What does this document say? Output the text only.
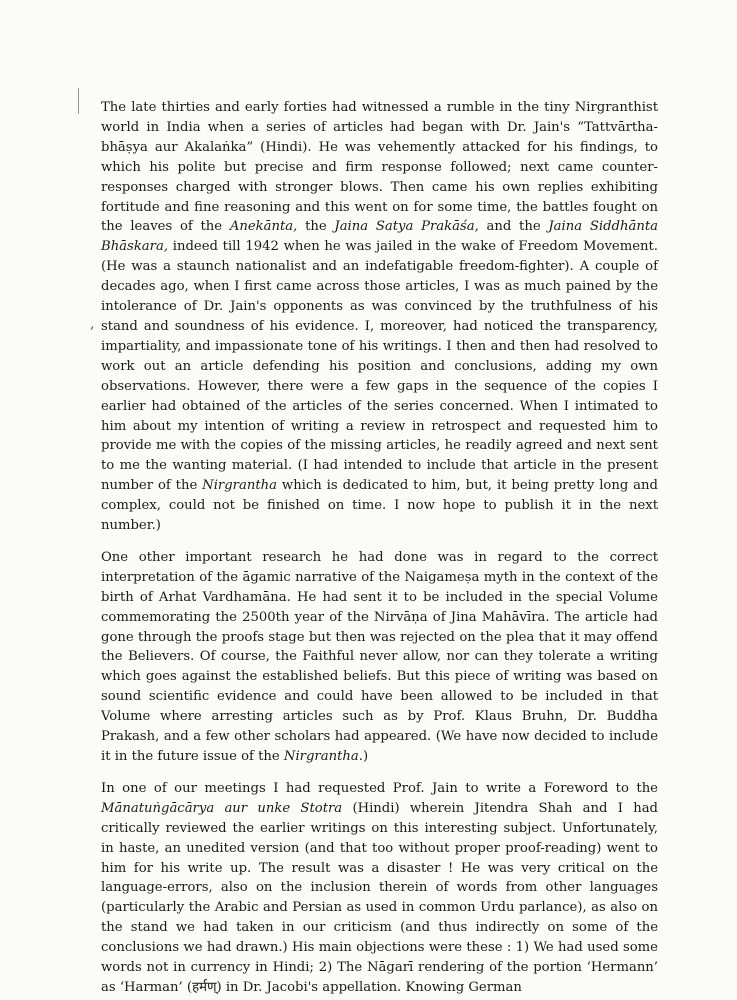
,

The late thirties and early forties had witnessed a rumble in the tiny Nirgranthist world in India when a series of articles had began with Dr. Jain's “Tattvārtha-bhāṣya aur Akalaṅka” (Hindi). He was vehemently attacked for his findings, to which his polite but precise and firm response followed; next came counter-responses charged with stronger blows. Then came his own replies exhibiting fortitude and fine reasoning and this went on for some time, the battles fought on the leaves of the Anekānta, the Jaina Satya Prakāśa, and the Jaina Siddhānta Bhāskara, indeed till 1942 when he was jailed in the wake of Freedom Movement. (He was a staunch nationalist and an indefatigable freedom-fighter). A couple of decades ago, when I first came across those articles, I was as much pained by the intolerance of Dr. Jain's opponents as was convinced by the truthfulness of his stand and soundness of his evidence. I, moreover, had noticed the transparency, impartiality, and impassionate tone of his writings. I then and then had resolved to work out an article defending his position and conclusions, adding my own observations. However, there were a few gaps in the sequence of the copies I earlier had obtained of the articles of the series concerned. When I intimated to him about my intention of writing a review in retrospect and requested him to provide me with the copies of the missing articles, he readily agreed and next sent to me the wanting material. (I had intended to include that article in the present number of the Nirgrantha which is dedicated to him, but, it being pretty long and complex, could not be finished on time. I now hope to publish it in the next number.)

One other important research he had done was in regard to the correct interpretation of the āgamic narrative of the Naigameṣa myth in the context of the birth of Arhat Vardhamāna. He had sent it to be included in the special Volume commemorating the 2500th year of the Nirvāṇa of Jina Mahāvīra. The article had gone through the proofs stage but then was rejected on the plea that it may offend the Believers. Of course, the Faithful never allow, nor can they tolerate a writing which goes against the established beliefs. But this piece of writing was based on sound scientific evidence and could have been allowed to be included in that Volume where arresting articles such as by Prof. Klaus Bruhn, Dr. Buddha Prakash, and a few other scholars had appeared. (We have now decided to include it in the future issue of the Nirgrantha.)

In one of our meetings I had requested Prof. Jain to write a Foreword to the Mānatuṅgācārya aur unke Stotra (Hindi) wherein Jitendra Shah and I had critically reviewed the earlier writings on this interesting subject. Unfortunately, in haste, an unedited version (and that too without proper proof-reading) went to him for his write up. The result was a disaster ! He was very critical on the language-errors, also on the inclusion therein of words from other languages (particularly the Arabic and Persian as used in common Urdu parlance), as also on the stand we had taken in our criticism (and thus indirectly on some of the conclusions we had drawn.) His main objections were these : 1) We had used some words not in currency in Hindi; 2) The Nāgarī rendering of the portion ‘Hermann’ as ‘Harman’ (हर्मण्) in Dr. Jacobi's appellation. Knowing German
